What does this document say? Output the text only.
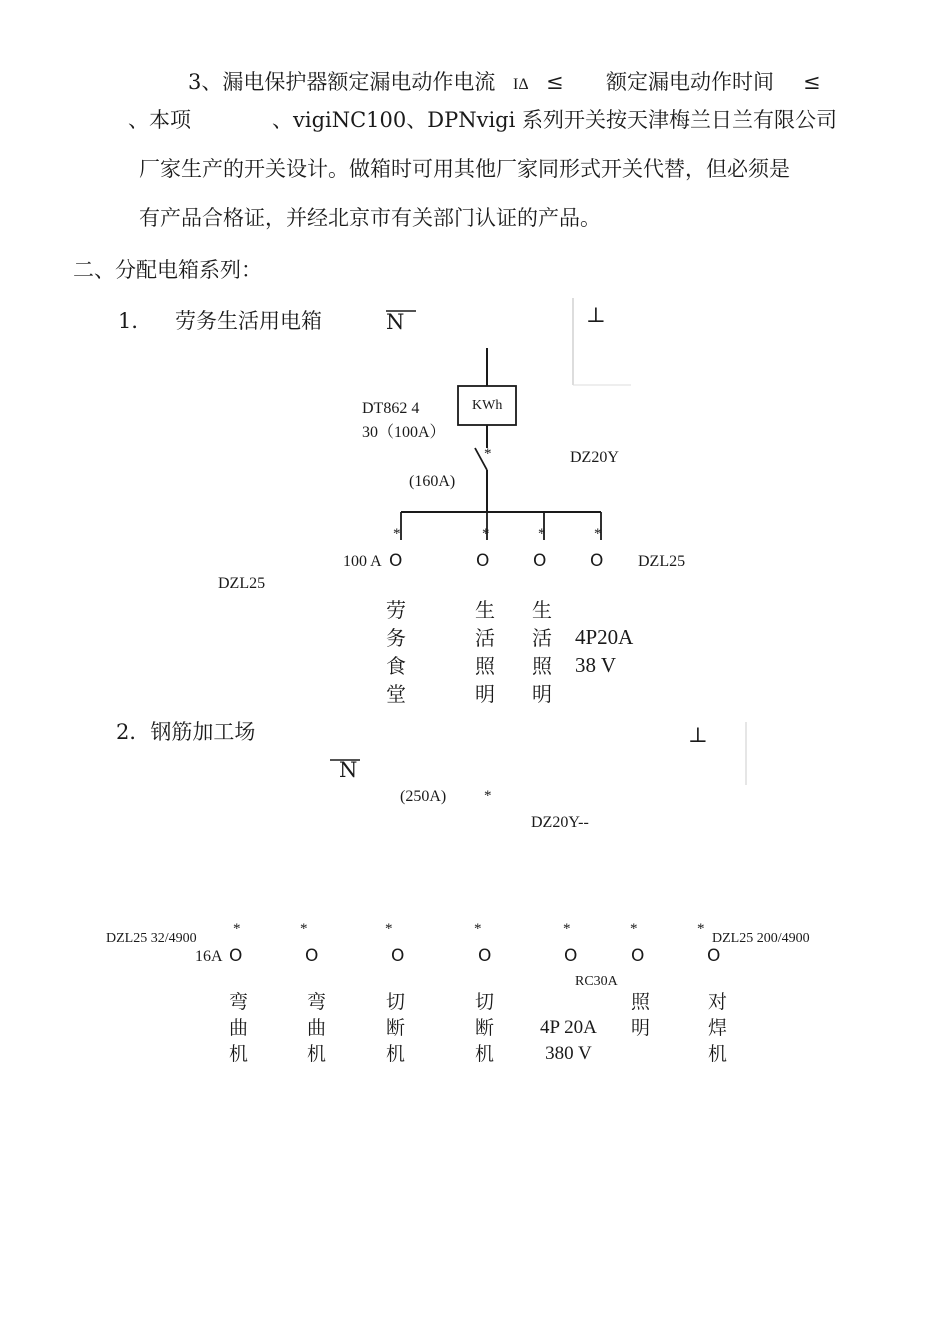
3、漏电保护器额定漏电动作电流 IΔ ≤ 额定漏电动作时间 ≤
、本项	、vigiNC100、DPNvigi 系列开关按天津梅兰日兰有限公司
厂家生产的开关设计。做箱时可用其他厂家同形式开关代替，但必须是
有产品合格证，并经北京市有关部门认证的产品。
二、分配电箱系列：
1． 劳务生活用电箱	N	⊥
KWh
DT862 4
30（100A）
*	DZ20Y
(160A)
*	*	*	*
100 A O	O	O	O DZL25
DZL25
劳
务
食
堂
生
活
照
明
生
活
照
明
4P20A
38 V
2．钢筋加工场
N
⊥
(250A)	*
DZ20Y--
DZL25 32/4900	DZL25 200/4900
*	*	*	*	*	*	*
16A O	O	O	O	O	O	O
RC30A
弯
曲
机
弯
曲
机
切
断
机
切
断
机
4P 20A
380 V
照
明
对
焊
机
